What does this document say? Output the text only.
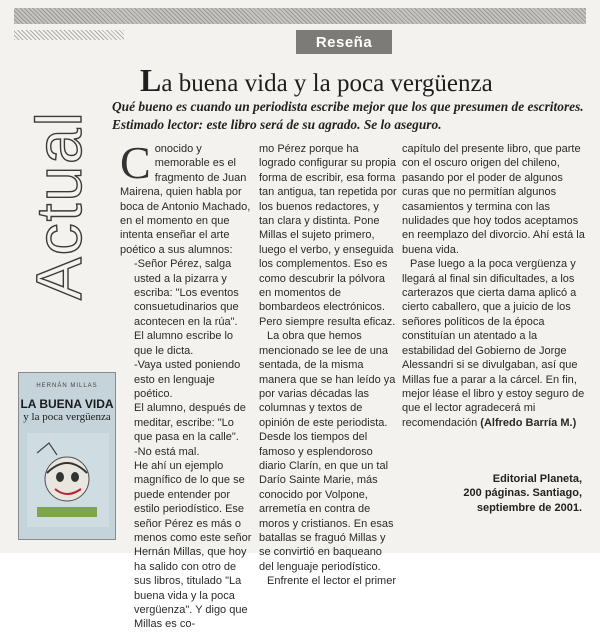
Reseña
Actual
La buena vida y la poca vergüenza

Qué bueno es cuando un periodista escribe mejor que los que presumen de escritores. Estimado lector: este libro será de su agrado. Se lo aseguro.

HERNÁN MILLAS
LA BUENA VIDA
y la poca vergüenza

Conocido y memorable es el fragmento de Juan Mairena, quien habla por boca de Antonio Machado, en el momento en que intenta enseñar el arte poético a sus alumnos:

-Señor Pérez, salga usted a la pizarra y escriba: "Los eventos consuetudinarios que acontecen en la rúa".

El alumno escribe lo que le dicta.

-Vaya usted poniendo esto en lenguaje poético.

El alumno, después de meditar, escribe: "Lo que pasa en la calle".

-No está mal.

He ahí un ejemplo magnífico de lo que se puede entender por estilo periodístico. Ese señor Pérez es más o menos como este señor Hernán Millas, que hoy ha salido con otro de sus libros, titulado "La buena vida y la poca vergüenza". Y digo que Millas es co-

mo Pérez porque ha logrado configurar su propia forma de escribir, esa forma tan antigua, tan repetida por los buenos redactores, y tan clara y distinta. Pone Millas el sujeto primero, luego el verbo, y enseguida los complementos. Eso es como descubrir la pólvora en momentos de bombardeos electrónicos. Pero siempre resulta eficaz.

La obra que hemos mencionado se lee de una sentada, de la misma manera que se han leído ya por varias décadas las columnas y textos de opinión de este periodista. Desde los tiempos del famoso y esplendoroso diario Clarín, en que un tal Darío Sainte Marie, más conocido por Volpone, arremetía en contra de moros y cristianos. En esas batallas se fraguó Millas y se convirtió en baqueano del lenguaje periodístico.

Enfrente el lector el primer

capítulo del presente libro, que parte con el oscuro origen del chileno, pasando por el poder de algunos curas que no permitían algunos casamientos y termina con las nulidades que hoy todos aceptamos en reemplazo del divorcio. Ahí está la buena vida.

Pase luego a la poca vergüenza y llegará al final sin dificultades, a los carterazos que cierta dama aplicó a cierto caballero, que a juicio de los señores políticos de la época constituían un atentado a la estabilidad del Gobierno de Jorge Alessandri si se divulgaban, así que Millas fue a parar a la cárcel. En fin, mejor léase el libro y estoy seguro de que el lector agradecerá mi recomendación (Alfredo Barría M.)

Editorial Planeta,
200 páginas. Santiago,
septiembre de 2001.
